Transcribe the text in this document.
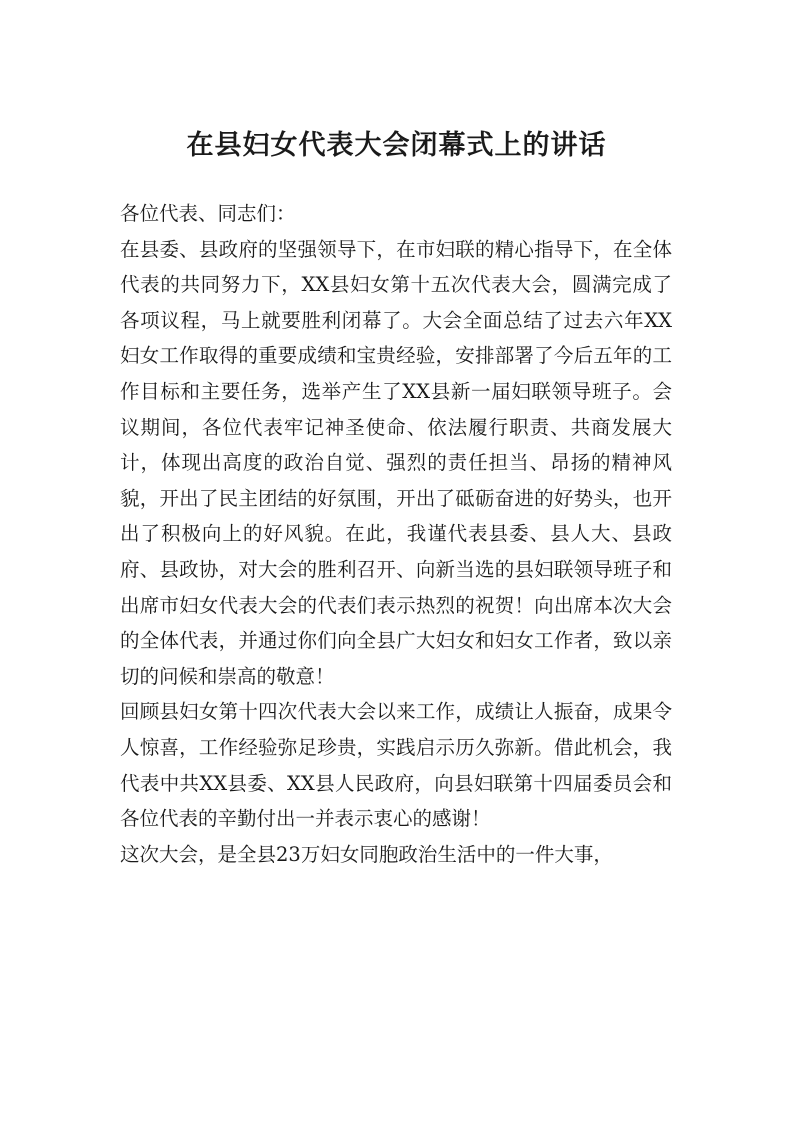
在县妇女代表大会闭幕式上的讲话

各位代表、同志们：

在县委、县政府的坚强领导下，在市妇联的精心指导下，在全体代表的共同努力下，XX县妇女第十五次代表大会，圆满完成了各项议程，马上就要胜利闭幕了。大会全面总结了过去六年XX妇女工作取得的重要成绩和宝贵经验，安排部署了今后五年的工作目标和主要任务，选举产生了XX县新一届妇联领导班子。会议期间，各位代表牢记神圣使命、依法履行职责、共商发展大计，体现出高度的政治自觉、强烈的责任担当、昂扬的精神风貌，开出了民主团结的好氛围，开出了砥砺奋进的好势头，也开出了积极向上的好风貌。在此，我谨代表县委、县人大、县政府、县政协，对大会的胜利召开、向新当选的县妇联领导班子和出席市妇女代表大会的代表们表示热烈的祝贺！向出席本次大会的全体代表，并通过你们向全县广大妇女和妇女工作者，致以亲切的问候和崇高的敬意！

回顾县妇女第十四次代表大会以来工作，成绩让人振奋，成果令人惊喜，工作经验弥足珍贵，实践启示历久弥新。借此机会，我代表中共XX县委、XX县人民政府，向县妇联第十四届委员会和各位代表的辛勤付出一并表示衷心的感谢！

这次大会，是全县23万妇女同胞政治生活中的一件大事，
